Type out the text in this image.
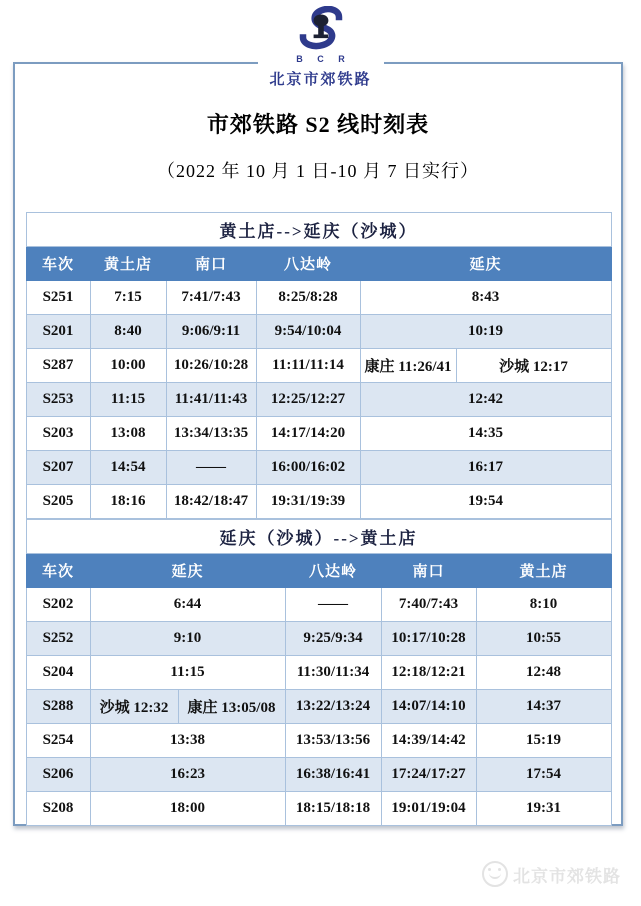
B C R
北京市郊铁路
市郊铁路 S2 线时刻表
（2022 年 10 月 1 日-10 月 7 日实行）
黄土店-->延庆（沙城）					
车次	黄土店	南口	八达岭	延庆	
S251	7:15	7:41/7:43	8:25/8:28	8:43	
S201	8:40	9:06/9:11	9:54/10:04	10:19	
S287	10:00	10:26/10:28	11:11/11:14	康庄 11:26/41	沙城 12:17
S253	11:15	11:41/11:43	12:25/12:27	12:42	
S203	13:08	13:34/13:35	14:17/14:20	14:35	
S207	14:54	——	16:00/16:02	16:17	
S205	18:16	18:42/18:47	19:31/19:39	19:54	
延庆（沙城）-->黄土店					
车次	延庆		八达岭	南口	黄土店
S202	6:44		——	7:40/7:43	8:10
S252	9:10		9:25/9:34	10:17/10:28	10:55
S204	11:15		11:30/11:34	12:18/12:21	12:48
S288	沙城 12:32	康庄 13:05/08	13:22/13:24	14:07/14:10	14:37
S254	13:38		13:53/13:56	14:39/14:42	15:19
S206	16:23		16:38/16:41	17:24/17:27	17:54
S208	18:00		18:15/18:18	19:01/19:04	19:31
北京市郊铁路
